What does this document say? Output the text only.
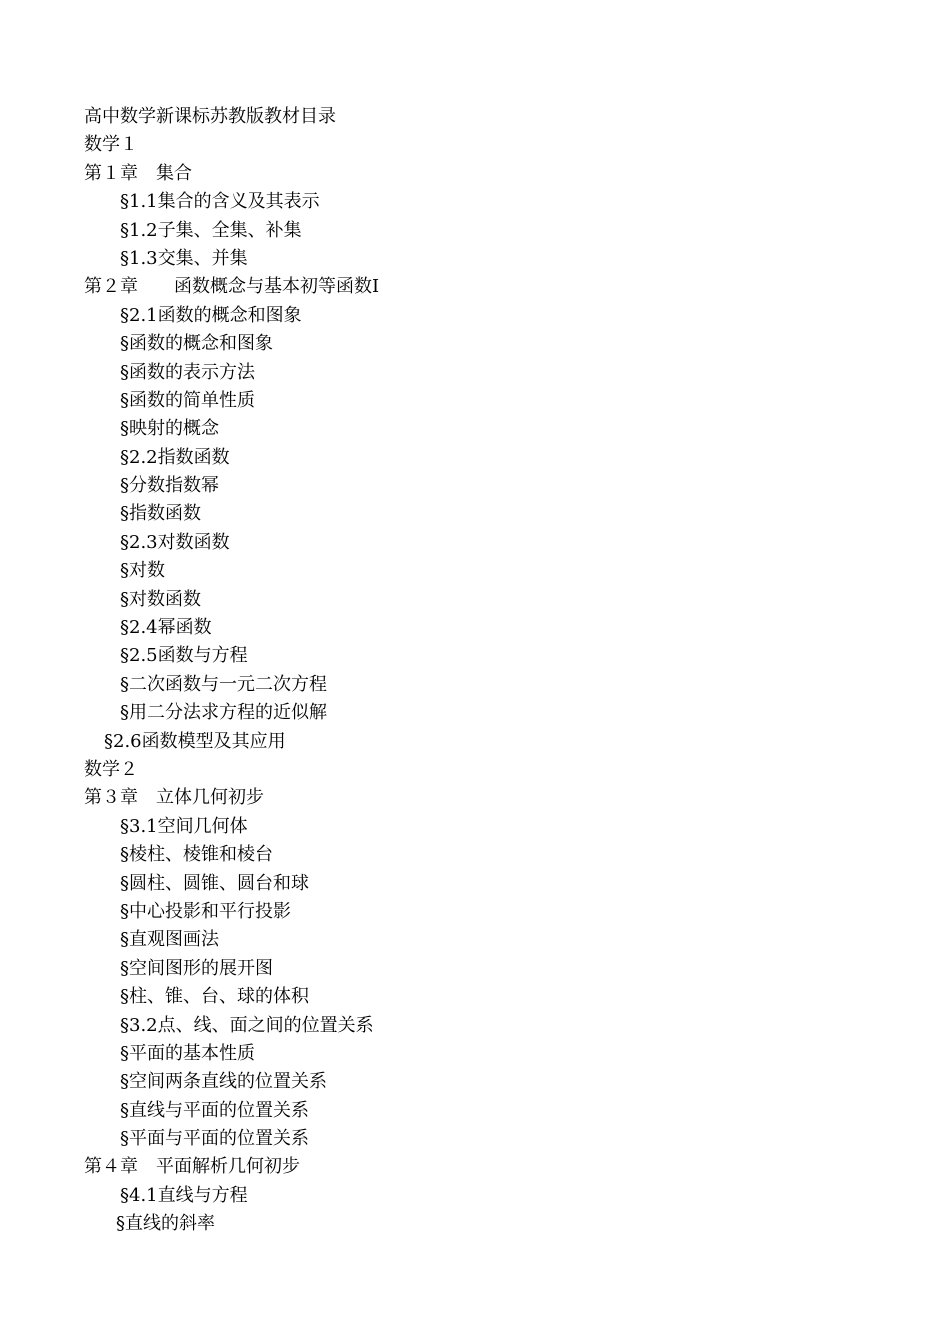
高中数学新课标苏教版教材目录
数学１
第１章　集合
§1.1集合的含义及其表示
§1.2子集、全集、补集
§1.3交集、并集
第２章　　函数概念与基本初等函数Ⅰ
§2.1函数的概念和图象
§函数的概念和图象
§函数的表示方法
§函数的简单性质
§映射的概念
§2.2指数函数
§分数指数幂
§指数函数
§2.3对数函数
§对数
§对数函数
§2.4幂函数
§2.5函数与方程
§二次函数与一元二次方程
§用二分法求方程的近似解
§2.6函数模型及其应用
数学２
第３章　立体几何初步
§3.1空间几何体
§棱柱、棱锥和棱台
§圆柱、圆锥、圆台和球
§中心投影和平行投影
§直观图画法
§空间图形的展开图
§柱、锥、台、球的体积
§3.2点、线、面之间的位置关系
§平面的基本性质
§空间两条直线的位置关系
§直线与平面的位置关系
§平面与平面的位置关系
第４章　平面解析几何初步
§4.1直线与方程
§直线的斜率
